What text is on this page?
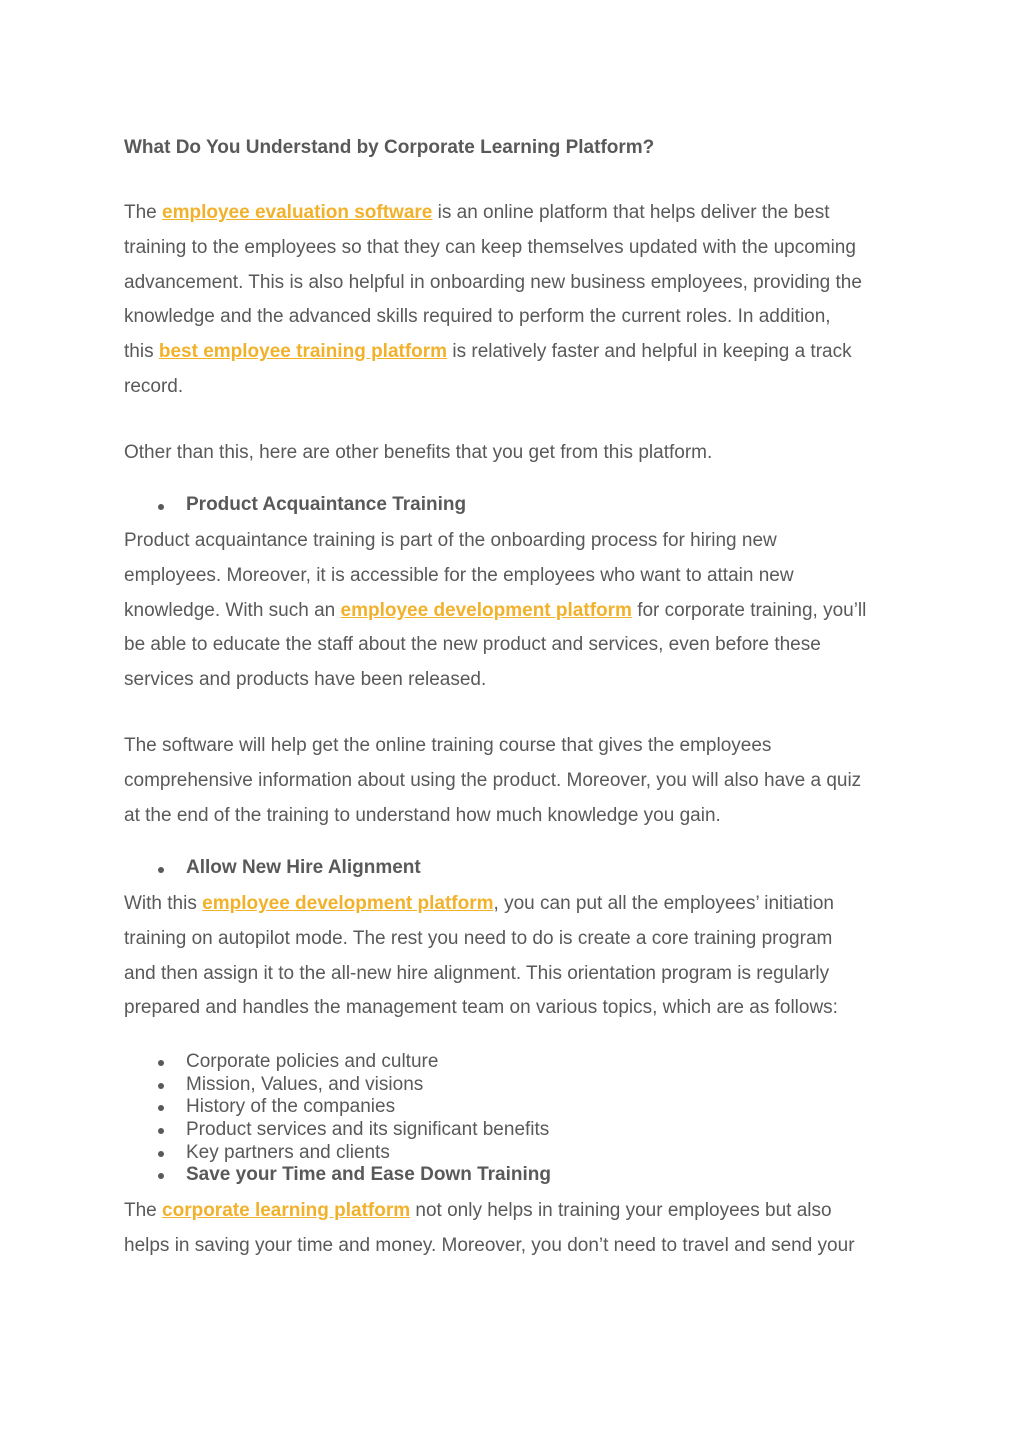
What Do You Understand by Corporate Learning Platform?

The employee evaluation software is an online platform that helps deliver the best
training to the employees so that they can keep themselves updated with the upcoming
advancement. This is also helpful in onboarding new business employees, providing the
knowledge and the advanced skills required to perform the current roles. In addition,
this best employee training platform is relatively faster and helpful in keeping a track
record.

Other than this, here are other benefits that you get from this platform.

Product Acquaintance Training

Product acquaintance training is part of the onboarding process for hiring new
employees. Moreover, it is accessible for the employees who want to attain new
knowledge. With such an employee development platform for corporate training, you’ll
be able to educate the staff about the new product and services, even before these
services and products have been released.

The software will help get the online training course that gives the employees
comprehensive information about using the product. Moreover, you will also have a quiz
at the end of the training to understand how much knowledge you gain.

Allow New Hire Alignment

With this employee development platform, you can put all the employees’ initiation
training on autopilot mode. The rest you need to do is create a core training program
and then assign it to the all-new hire alignment. This orientation program is regularly
prepared and handles the management team on various topics, which are as follows:

Corporate policies and culture
Mission, Values, and visions
History of the companies
Product services and its significant benefits
Key partners and clients
Save your Time and Ease Down Training

The corporate learning platform not only helps in training your employees but also
helps in saving your time and money. Moreover, you don’t need to travel and send your
